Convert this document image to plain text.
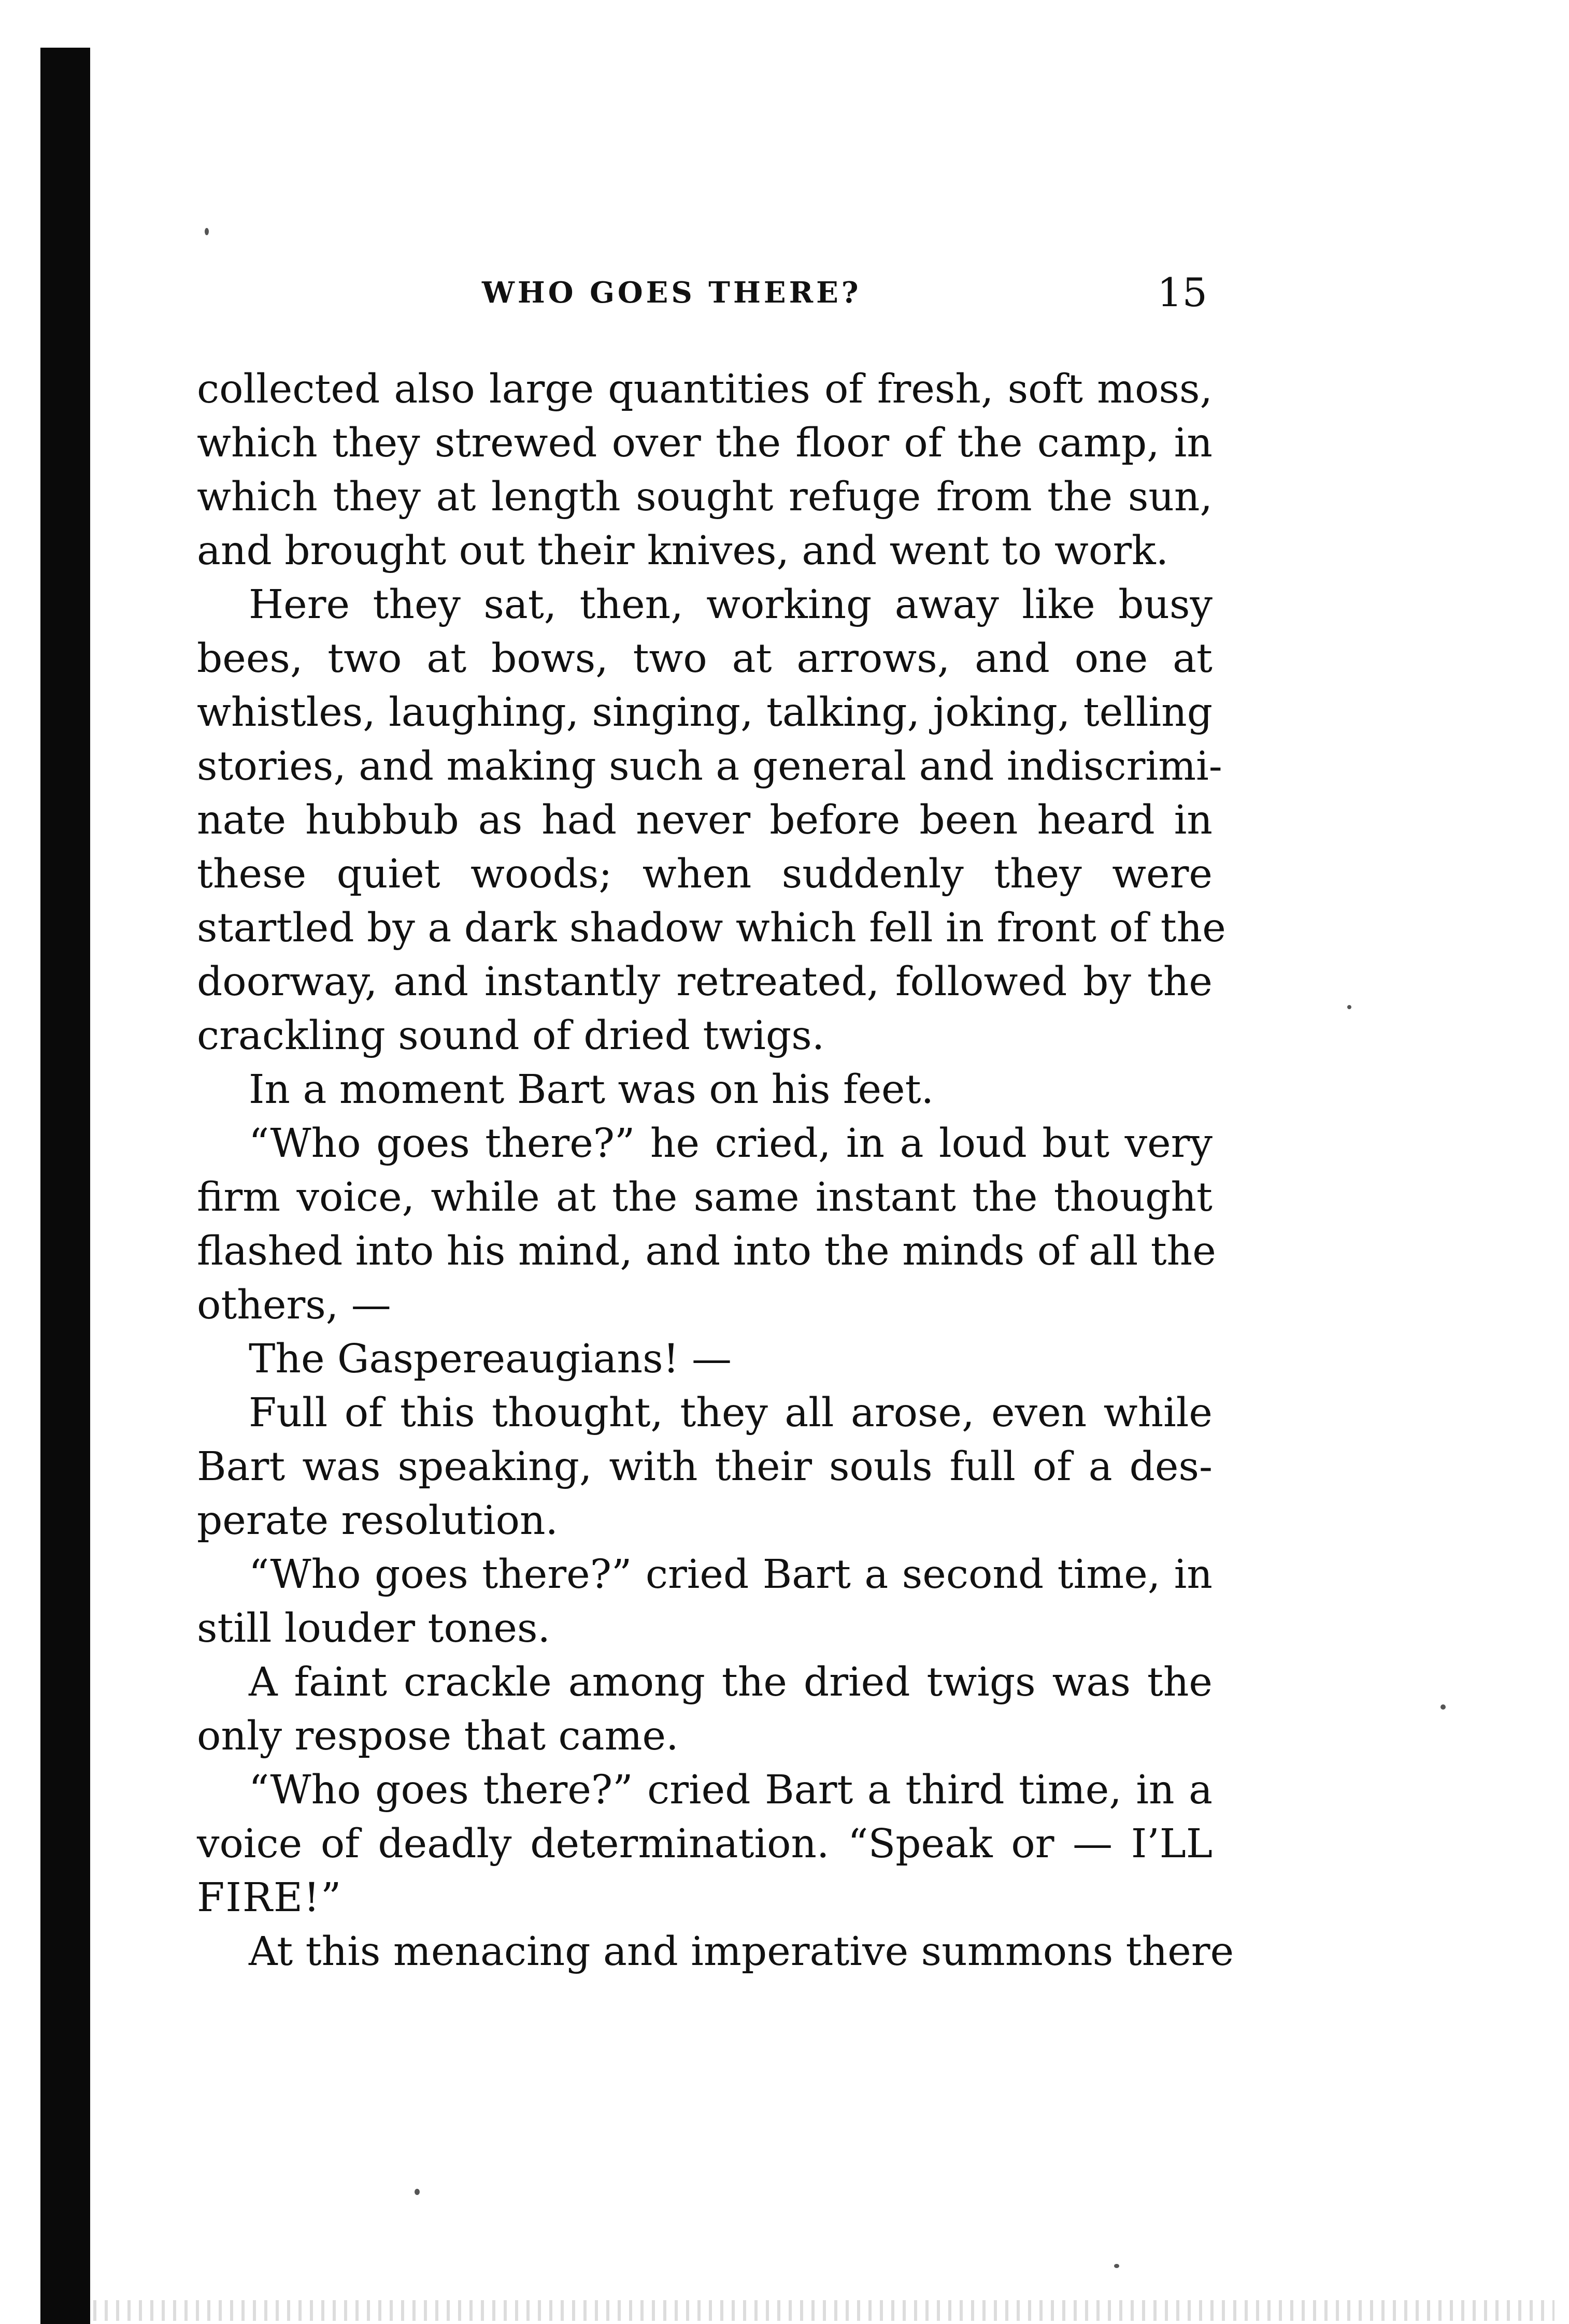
WHO GOES THERE?	15
collected also large quantities of fresh, soft moss,
which they strewed over the floor of the camp, in
which they at length sought refuge from the sun,
and brought out their knives, and went to work.
Here they sat, then, working away like busy
bees, two at bows, two at arrows, and one at
whistles, laughing, singing, talking, joking, telling
stories, and making such a general and indiscrimi-
nate hubbub as had never before been heard in
these quiet woods; when suddenly they were
startled by a dark shadow which fell in front of the
doorway, and instantly retreated, followed by the
crackling sound of dried twigs.
In a moment Bart was on his feet.
“Who goes there?” he cried, in a loud but very
firm voice, while at the same instant the thought
flashed into his mind, and into the minds of all the
others, —
The Gaspereaugians! —
Full of this thought, they all arose, even while
Bart was speaking, with their souls full of a des-
perate resolution.
“Who goes there?” cried Bart a second time, in
still louder tones.
A faint crackle among the dried twigs was the
only respose that came.
“Who goes there?” cried Bart a third time, in a
voice of deadly determination. “Speak or — I’LL
FIRE!”
At this menacing and imperative summons there
